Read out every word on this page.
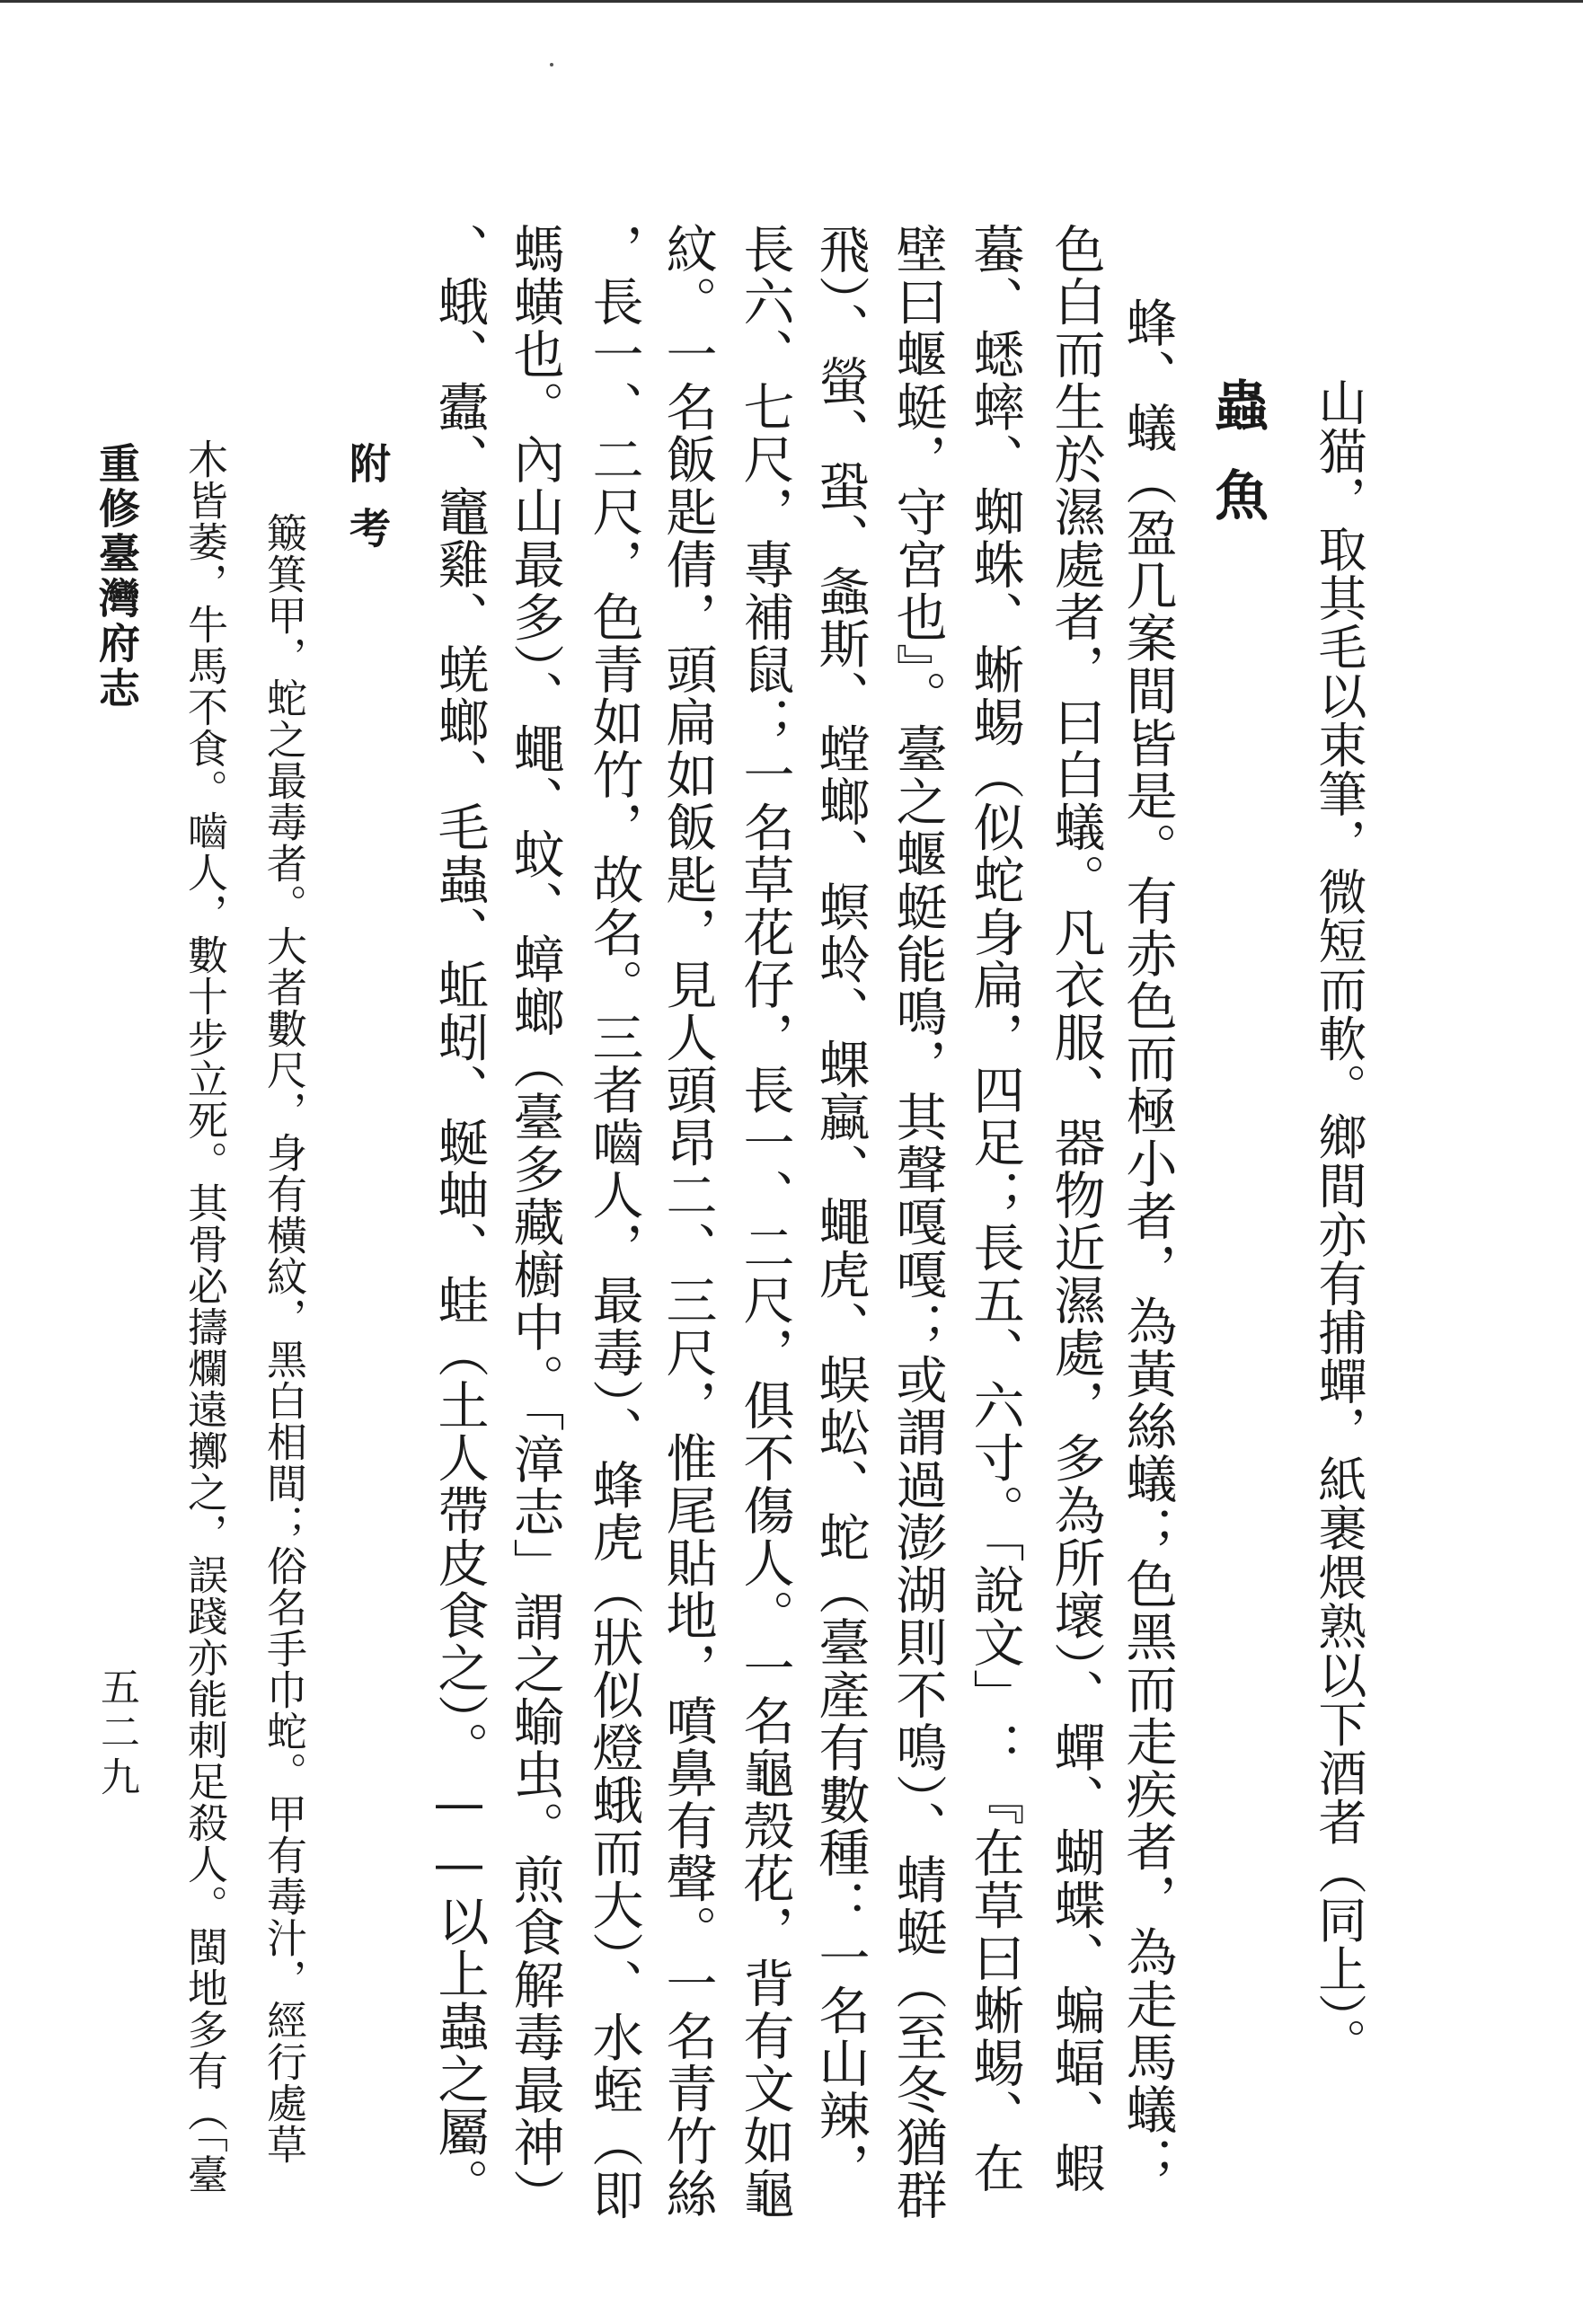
山猫，取其毛以束筆，微短而軟。鄉間亦有捕蟬，紙裹煨熟以下酒者（同上）。
蟲魚
蜂、蟻（盈几案間皆是。有赤色而極小者，為黃絲蟻；色黑而走疾者，為走馬蟻；
色白而生於濕處者，曰白蟻。凡衣服、器物近濕處，多為所壞）、蟬、蝴蝶、蝙蝠、蝦
蟇、蟋蟀、蜘蛛、蜥蜴（似蛇身扁，四足；長五、六寸。「說文」：『在草曰蜥蜴、在
壁曰蝘蜓，守宮也』。臺之蝘蜓能鳴，其聲嘎嘎；或謂過澎湖則不鳴）、蜻蜓（至冬猶群
飛）、螢、蛩、螽斯、螳螂、螟蛉、蜾蠃、蠅虎、蜈蚣、蛇（臺產有數種：一名山辣，
長六、七尺，專補鼠；一名草花仔，長一、二尺，俱不傷人。一名龜殼花，背有文如龜
紋。一名飯匙倩，頭扁如飯匙，見人頭昂二、三尺，惟尾貼地，噴鼻有聲。一名青竹絲
，長一、二尺，色青如竹，故名。三者嚙人，最毒）、蜂虎（狀似燈蛾而大）、水蛭（即
螞蟥也。內山最多）、蠅、蚊、蟑螂（臺多藏櫥中。「漳志」謂之蝓虫。煎食解毒最神）
、蛾、蠹、竈雞、蜣螂、毛蟲、蚯蚓、蜒蚰、蛙（土人帶皮食之）。——以上蟲之屬。
附考
簸箕甲，蛇之最毒者。大者數尺，身有橫紋，黑白相間；俗名手巾蛇。甲有毒汁，經行處草
木皆萎，牛馬不食。嚙人，數十步立死。其骨必擣爛遠擲之，誤踐亦能刺足殺人。閩地多有（「臺
重修臺灣府志
五二九
